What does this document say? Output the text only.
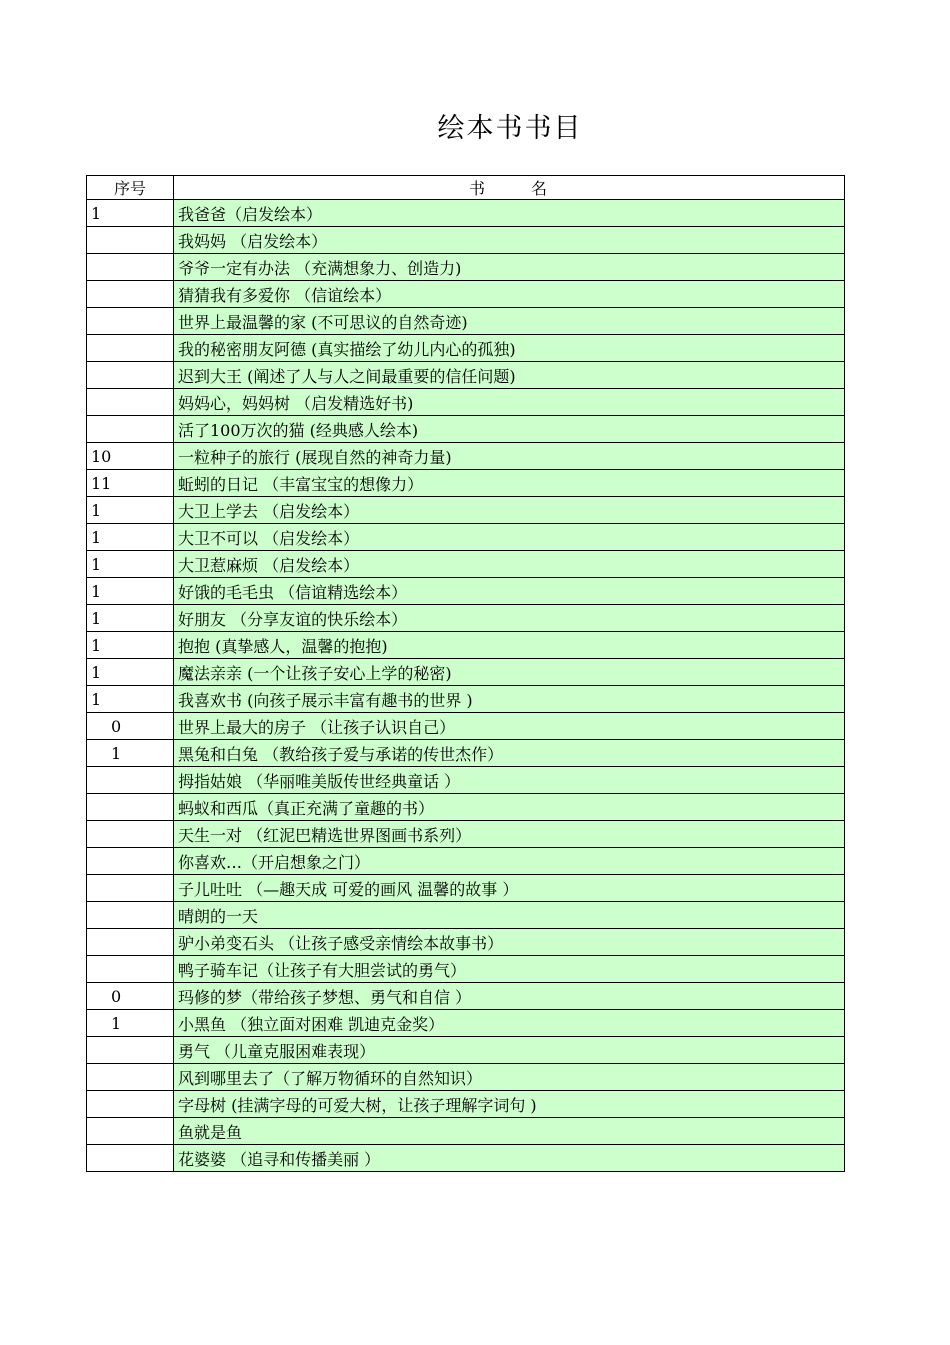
绘本书书目
序号	书 名
1	我爸爸（启发绘本）
	我妈妈 （启发绘本）
	爷爷一定有办法 （充满想象力、创造力)
	猜猜我有多爱你 （信谊绘本）
	世界上最温馨的家 (不可思议的自然奇迹)
	我的秘密朋友阿德 (真实描绘了幼儿内心的孤独)
	迟到大王 (阐述了人与人之间最重要的信任问题)
	妈妈心，妈妈树 （启发精选好书)
	活了100万次的猫 (经典感人绘本)
10	一粒种子的旅行 (展现自然的神奇力量)
11	蚯蚓的日记 （丰富宝宝的想像力）
1	大卫上学去 （启发绘本）
1	大卫不可以 （启发绘本）
1	大卫惹麻烦 （启发绘本）
1	好饿的毛毛虫 （信谊精选绘本）
1	好朋友 （分享友谊的快乐绘本）
1	抱抱 (真挚感人，温馨的抱抱)
1	魔法亲亲 (一个让孩子安心上学的秘密)
1	我喜欢书 (向孩子展示丰富有趣书的世界 )
0	世界上最大的房子 （让孩子认识自己）
1	黑兔和白兔 （教给孩子爱与承诺的传世杰作）
	拇指姑娘 （华丽唯美版传世经典童话 ）
	蚂蚁和西瓜（真正充满了童趣的书）
	天生一对 （红泥巴精选世界图画书系列）
	你喜欢…（开启想象之门）
	子儿吐吐 （—趣天成 可爱的画风 温馨的故事 ）
	晴朗的一天
	驴小弟变石头 （让孩子感受亲情绘本故事书）
	鸭子骑车记（让孩子有大胆尝试的勇气）
0	玛修的梦（带给孩子梦想、勇气和自信 ）
1	小黑鱼 （独立面对困难 凯迪克金奖）
	勇气 （儿童克服困难表现）
	风到哪里去了（了解万物循环的自然知识）
	字母树 (挂满字母的可爱大树，让孩子理解字词句 )
	鱼就是鱼
	花婆婆 （追寻和传播美丽 ）
